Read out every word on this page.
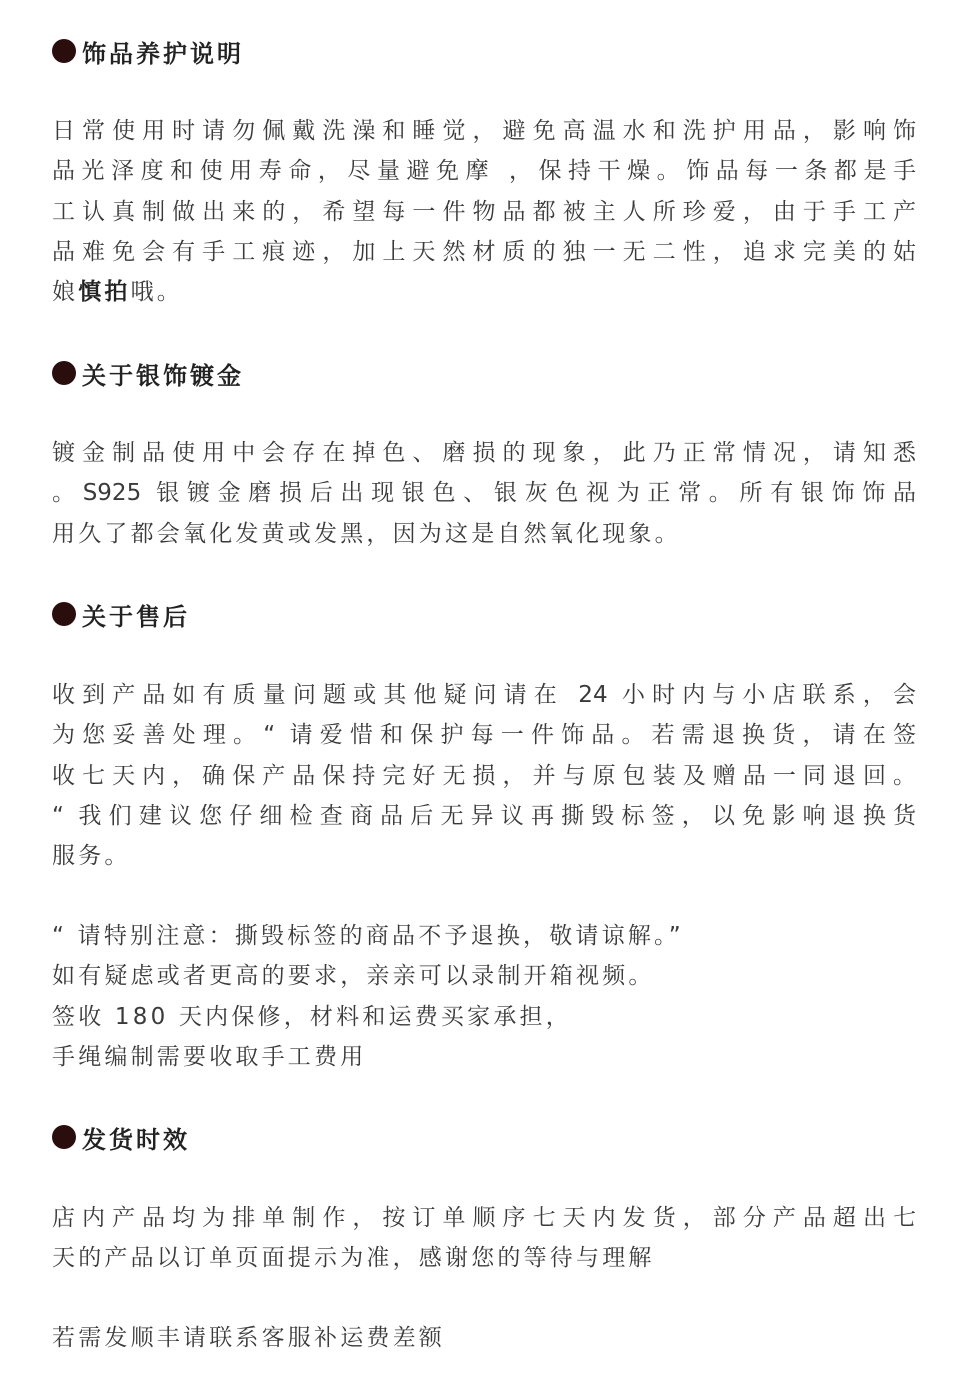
饰品养护说明
日常使用时请勿佩戴洗澡和睡觉，避免高温水和洗护用品，影响饰
品光泽度和使用寿命，尽量避免摩 ，保持干燥。饰品每一条都是手
工认真制做出来的，希望每一件物品都被主人所珍爱，由于手工产
品难免会有手工痕迹，加上天然材质的独一无二性，追求完美的姑
娘慎拍哦。
关于银饰镀金
镀金制品使用中会存在掉色、磨损的现象，此乃正常情况，请知悉
。S925 银镀金磨损后出现银色、银灰色视为正常。所有银饰饰品
用久了都会氧化发黄或发黑，因为这是自然氧化现象。
关于售后
收到产品如有质量问题或其他疑问请在 24 小时内与小店联系，会
为您妥善处理。“ 请爱惜和保护每一件饰品。若需退换货，请在签
收七天内，确保产品保持完好无损，并与原包装及赠品一同退回。
“ 我们建议您仔细检查商品后无异议再撕毁标签，以免影响退换货
服务。
“ 请特别注意：撕毁标签的商品不予退换，敬请谅解。”
如有疑虑或者更高的要求，亲亲可以录制开箱视频。
签收 180 天内保修，材料和运费买家承担，
手绳编制需要收取手工费用
发货时效
店内产品均为排单制作，按订单顺序七天内发货，部分产品超出七
天的产品以订单页面提示为准，感谢您的等待与理解
若需发顺丰请联系客服补运费差额
